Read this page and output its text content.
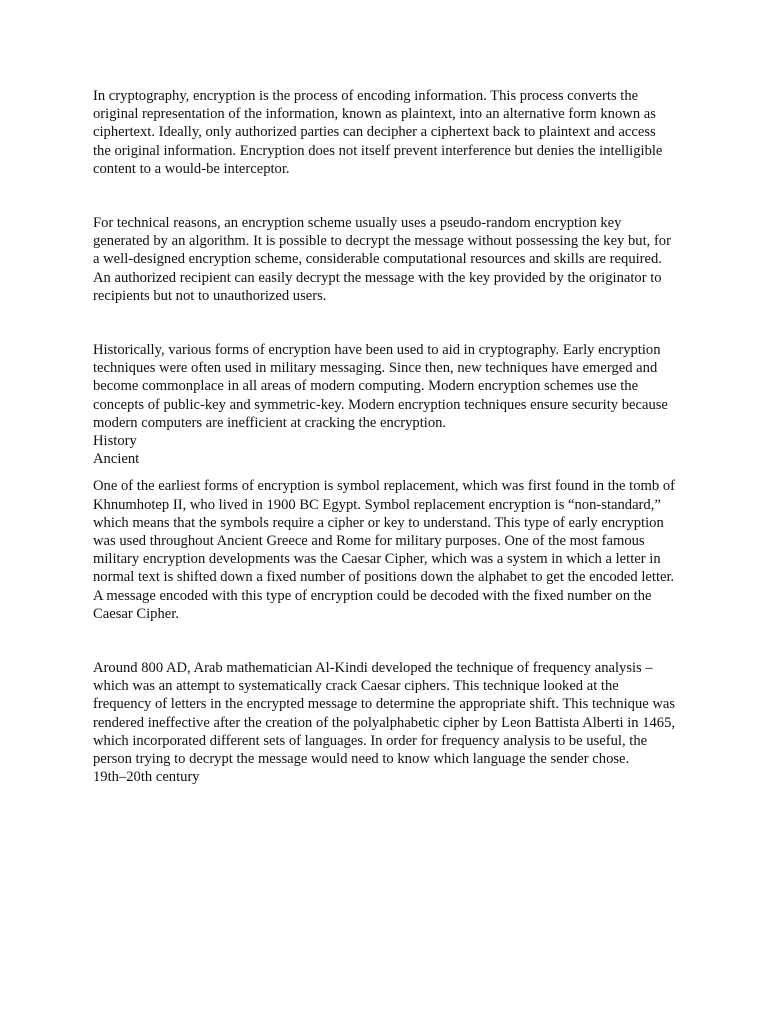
In cryptography, encryption is the process of encoding information. This process converts the original representation of the information, known as plaintext, into an alternative form known as ciphertext. Ideally, only authorized parties can decipher a ciphertext back to plaintext and access the original information. Encryption does not itself prevent interference but denies the intelligible content to a would-be interceptor.

For technical reasons, an encryption scheme usually uses a pseudo-random encryption key generated by an algorithm. It is possible to decrypt the message without possessing the key but, for a well-designed encryption scheme, considerable computational resources and skills are required. An authorized recipient can easily decrypt the message with the key provided by the originator to recipients but not to unauthorized users.

Historically, various forms of encryption have been used to aid in cryptography. Early encryption techniques were often used in military messaging. Since then, new techniques have emerged and become commonplace in all areas of modern computing. Modern encryption schemes use the concepts of public-key and symmetric-key. Modern encryption techniques ensure security because modern computers are inefficient at cracking the encryption.

History

Ancient

One of the earliest forms of encryption is symbol replacement, which was first found in the tomb of Khnumhotep II, who lived in 1900 BC Egypt. Symbol replacement encryption is “non-standard,” which means that the symbols require a cipher or key to understand. This type of early encryption was used throughout Ancient Greece and Rome for military purposes. One of the most famous military encryption developments was the Caesar Cipher, which was a system in which a letter in normal text is shifted down a fixed number of positions down the alphabet to get the encoded letter. A message encoded with this type of encryption could be decoded with the fixed number on the Caesar Cipher.

Around 800 AD, Arab mathematician Al-Kindi developed the technique of frequency analysis – which was an attempt to systematically crack Caesar ciphers. This technique looked at the frequency of letters in the encrypted message to determine the appropriate shift. This technique was rendered ineffective after the creation of the polyalphabetic cipher by Leon Battista Alberti in 1465, which incorporated different sets of languages. In order for frequency analysis to be useful, the person trying to decrypt the message would need to know which language the sender chose.

19th–20th century
